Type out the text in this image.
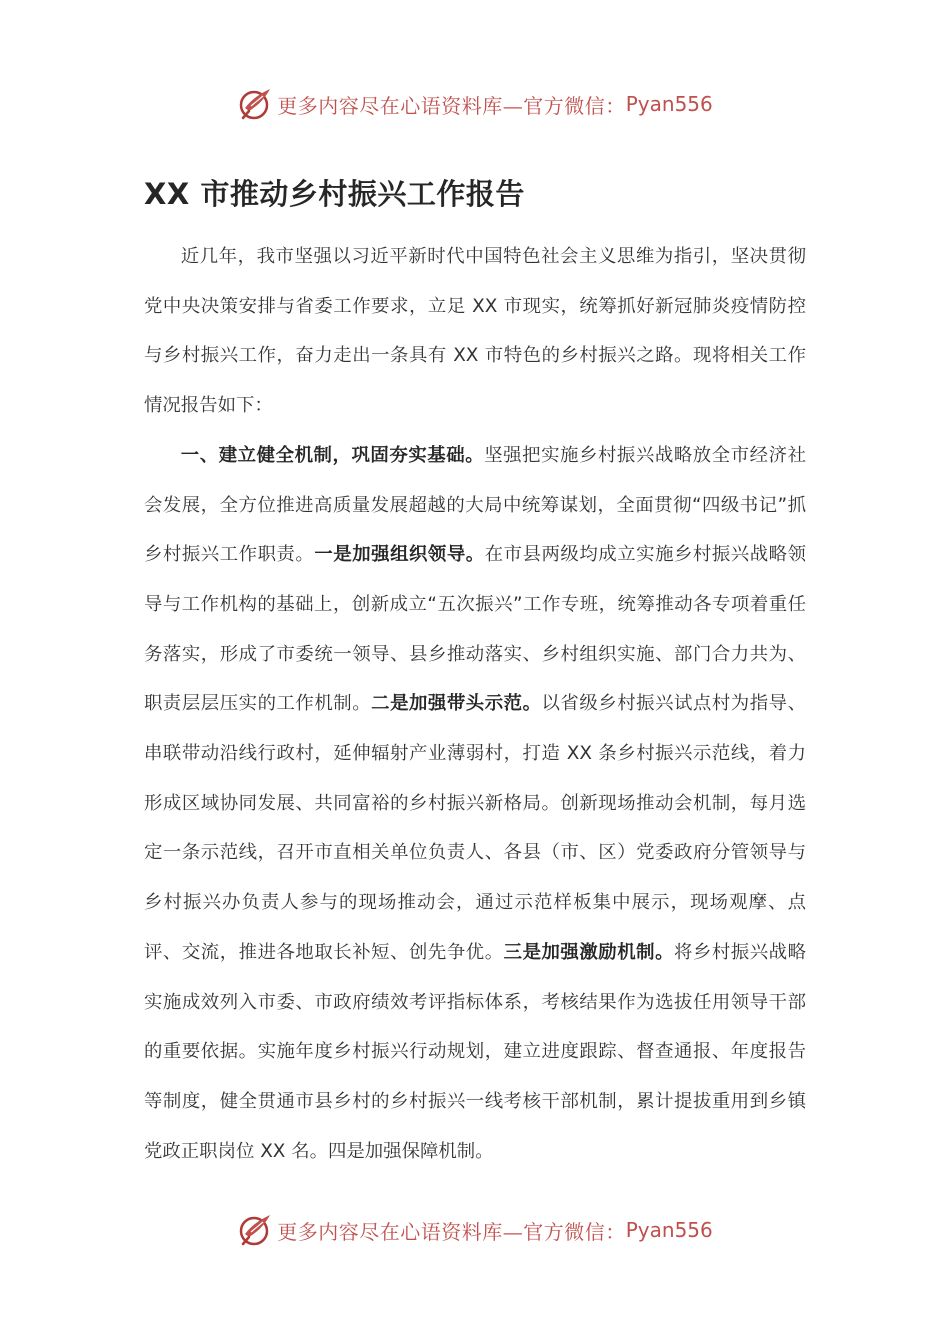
更多内容尽在心语资料库—官方微信： Pyan556
XX 市推动乡村振兴工作报告

近几年，我市坚强以习近平新时代中国特色社会主义思维为指引，坚决贯彻党中央决策安排与省委工作要求，立足 XX 市现实，统筹抓好新冠肺炎疫情防控与乡村振兴工作，奋力走出一条具有 XX 市特色的乡村振兴之路。现将相关工作情况报告如下：

一、建立健全机制，巩固夯实基础。坚强把实施乡村振兴战略放全市经济社会发展，全方位推进高质量发展超越的大局中统筹谋划，全面贯彻“四级书记”抓乡村振兴工作职责。一是加强组织领导。在市县两级均成立实施乡村振兴战略领导与工作机构的基础上，创新成立“五次振兴”工作专班，统筹推动各专项着重任务落实，形成了市委统一领导、县乡推动落实、乡村组织实施、部门合力共为、职责层层压实的工作机制。二是加强带头示范。以省级乡村振兴试点村为指导、串联带动沿线行政村，延伸辐射产业薄弱村，打造 XX 条乡村振兴示范线，着力形成区域协同发展、共同富裕的乡村振兴新格局。创新现场推动会机制，每月选定一条示范线，召开市直相关单位负责人、各县（市、区）党委政府分管领导与乡村振兴办负责人参与的现场推动会，通过示范样板集中展示，现场观摩、点评、交流，推进各地取长补短、创先争优。三是加强激励机制。将乡村振兴战略实施成效列入市委、市政府绩效考评指标体系，考核结果作为选拔任用领导干部的重要依据。实施年度乡村振兴行动规划，建立进度跟踪、督查通报、年度报告等制度，健全贯通市县乡村的乡村振兴一线考核干部机制，累计提拔重用到乡镇党政正职岗位 XX 名。四是加强保障机制。

更多内容尽在心语资料库—官方微信： Pyan556
